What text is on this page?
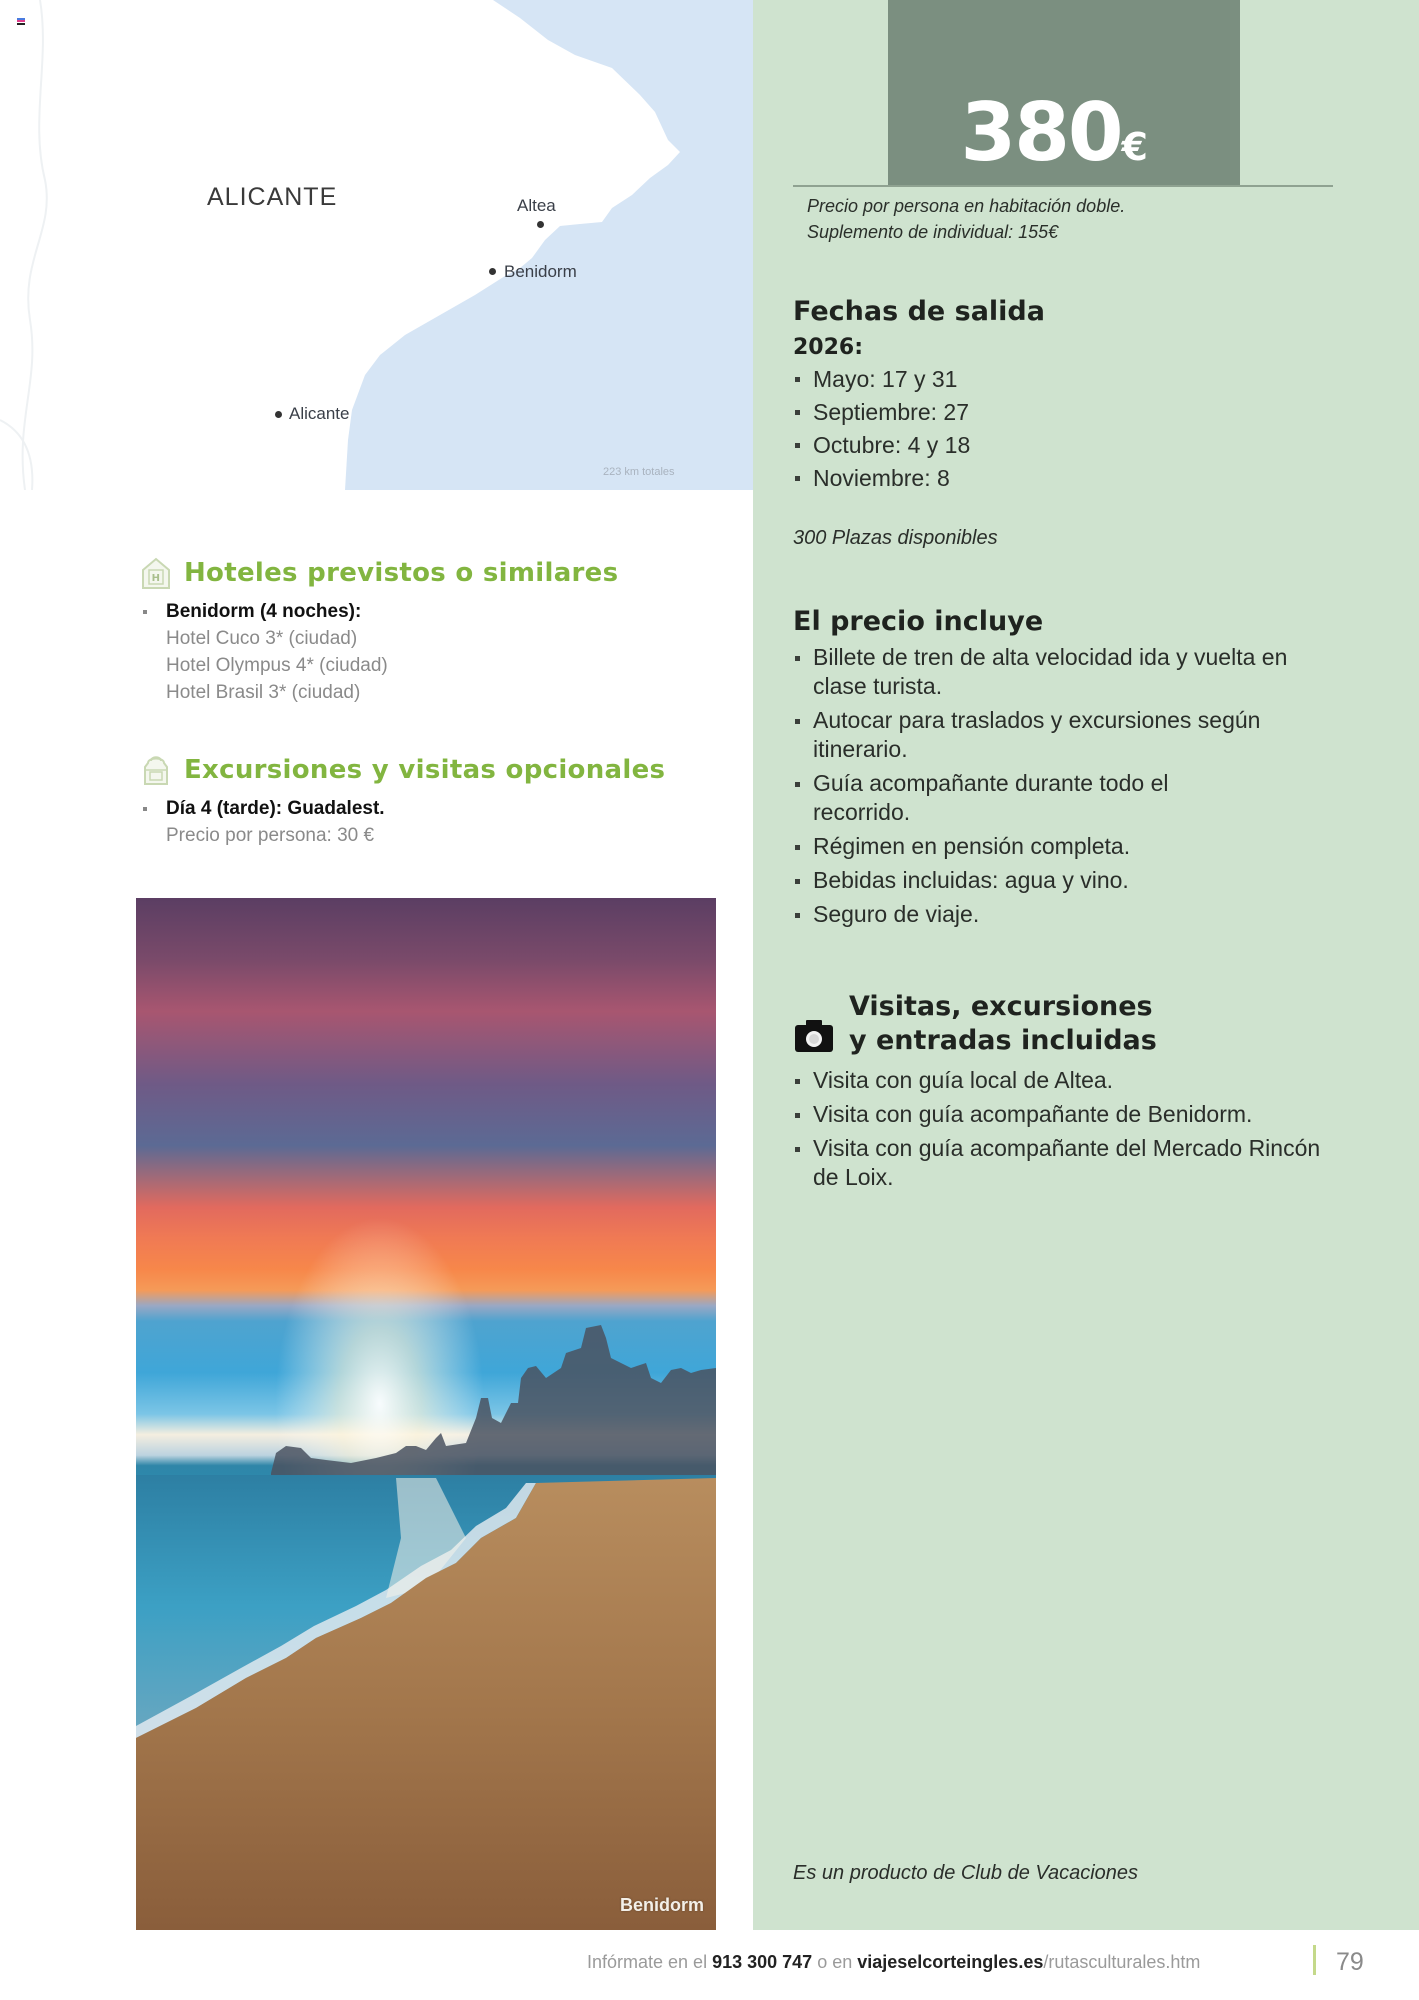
ALICANTE	Altea
Benidorm
Alicante
223 km totales
H Hoteles previstos o similares
Benidorm (4 noches):
Hotel Cuco 3* (ciudad)
Hotel Olympus 4* (ciudad)
Hotel Brasil 3* (ciudad)
Excursiones y visitas opcionales
Día 4 (tarde): Guadalest.
Precio por persona: 30 €
Benidorm
380€
Precio por persona en habitación doble.
Suplemento de individual: 155€
Fechas de salida
2026:
Mayo: 17 y 31
Septiembre: 27
Octubre: 4 y 18
Noviembre: 8
300 Plazas disponibles
El precio incluye
Billete de tren de alta velocidad ida y vuelta en clase turista.
Autocar para traslados y excursiones según itinerario.
Guía acompañante durante todo el recorrido.
Régimen en pensión completa.
Bebidas incluidas: agua y vino.
Seguro de viaje.
Visitas, excursiones
y entradas incluidas
Visita con guía local de Altea.
Visita con guía acompañante de Benidorm.
Visita con guía acompañante del Mercado Rincón de Loix.
Es un producto de Club de Vacaciones
Infórmate en el 913 300 747 o en viajeselcorteingles.es/rutasculturales.htm	79
